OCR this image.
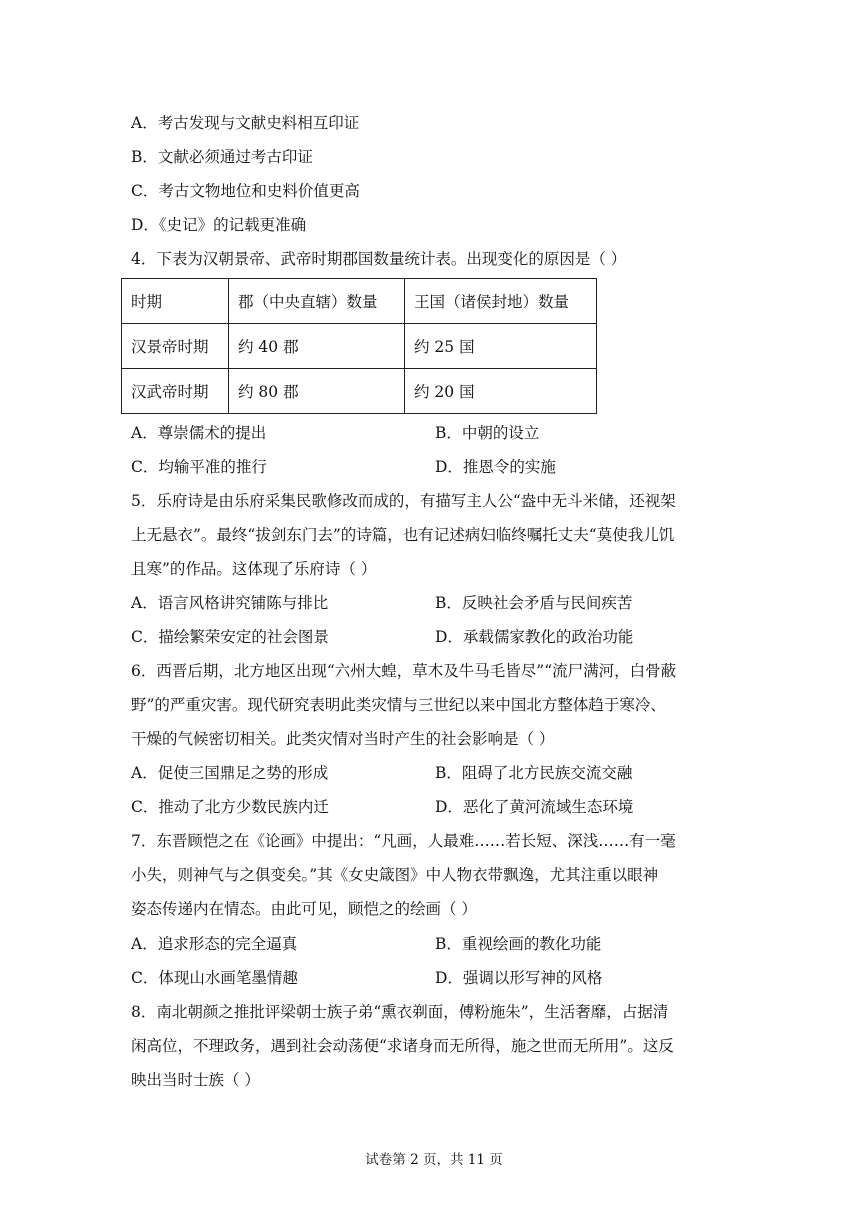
A．考古发现与文献史料相互印证
B．文献必须通过考古印证
C．考古文物地位和史料价值更高
D．《史记》的记载更准确
4．下表为汉朝景帝、武帝时期郡国数量统计表。出现变化的原因是（ ）
时期	郡（中央直辖）数量	王国（诸侯封地）数量
汉景帝时期	约 40 郡	约 25 国
汉武帝时期	约 80 郡	约 20 国
A．尊崇儒术的提出	B．中朝的设立
C．均输平准的推行	D．推恩令的实施
5．乐府诗是由乐府采集民歌修改而成的，有描写主人公“盎中无斗米储，还视架
上无悬衣”。最终“拔剑东门去”的诗篇，也有记述病妇临终嘱托丈夫“莫使我儿饥
且寒”的作品。这体现了乐府诗（ ）
A．语言风格讲究铺陈与排比	B．反映社会矛盾与民间疾苦
C．描绘繁荣安定的社会图景	D．承载儒家教化的政治功能
6．西晋后期，北方地区出现“六州大蝗，草木及牛马毛皆尽”“流尸满河，白骨蔽
野”的严重灾害。现代研究表明此类灾情与三世纪以来中国北方整体趋于寒冷、
干燥的气候密切相关。此类灾情对当时产生的社会影响是（ ）
A．促使三国鼎足之势的形成	B．阻碍了北方民族交流交融
C．推动了北方少数民族内迁	D．恶化了黄河流域生态环境
7．东晋顾恺之在《论画》中提出：“凡画，人最难……若长短、深浅……有一毫
小失，则神气与之俱变矣。”其《女史箴图》中人物衣带飘逸，尤其注重以眼神
姿态传递内在情态。由此可见，顾恺之的绘画（ ）
A．追求形态的完全逼真	B．重视绘画的教化功能
C．体现山水画笔墨情趣	D．强调以形写神的风格
8．南北朝颜之推批评梁朝士族子弟“熏衣剃面，傅粉施朱”，生活奢靡，占据清
闲高位，不理政务，遇到社会动荡便“求诸身而无所得，施之世而无所用”。这反
映出当时士族（ ）
试卷第 2 页，共 11 页
